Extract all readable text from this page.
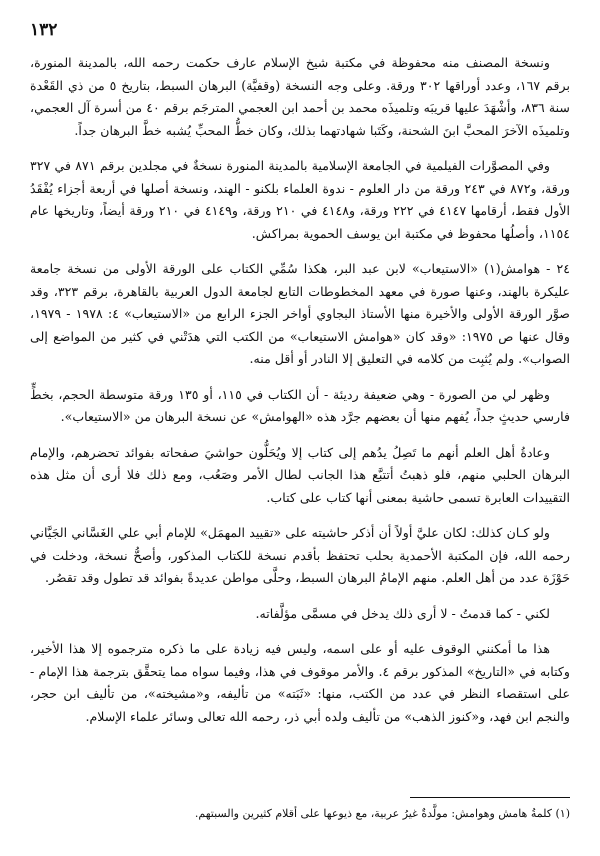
١٣٢

ونسخة المصنف منه محفوظة في مكتبة شيخ الإسلام عارف حكمت رحمه الله، بالمدينة المنورة، برقم ١٦٧، وعدد أوراقها ٣٠٢ ورقة. وعلى وجه النسخة (وقفيَّة) البرهان السبط، بتاريخ ٥ من ذي القَعْدة سنة ٨٣٦، وأشْهَدَ عليها قريبَه وتلميذَه محمد بن أحمد ابن العجمي المترجَم برقم ٤٠ من أسرة آل العجمي، وتلميذَه الآخرَ المحبَّ ابنَ الشحنة، وكَتَبا شهادتهما بذلك، وكان خطُّ المحبِّ يُشبه خطَّ البرهان جداً.

وفي المصوَّرات الفيلمية في الجامعة الإسلامية بالمدينة المنورة نسخةٌ في مجلدين برقم ٨٧١ في ٣٢٧ ورقة، و٨٧٢ في ٢٤٣ ورقة من دار العلوم - ندوة العلماء بلكنو - الهند، ونسخة أصلها في أربعة أجزاء يُفْقَدُ الأول فقط، أرقامها ٤١٤٧ في ٢٢٢ ورقة، و٤١٤٨ في ٢١٠ ورقة، و٤١٤٩ في ٢١٠ ورقة أيضاً، وتاريخها عام ١١٥٤، وأصلُها محفوظ في مكتبة ابن يوسف الحموية بمراكش.

٢٤ - هوامش(١) «الاستيعاب» لابن عبد البر، هكذا سُمِّي الكتاب على الورقة الأولى من نسخة جامعة عليكرة بالهند، وعنها صورة في معهد المخطوطات التابع لجامعة الدول العربية بالقاهرة، برقم ٣٢٣، وقد صوَّر الورقة الأولى والأخيرة منها الأستاذ البجاوي أواخر الجزء الرابع من «الاستيعاب» ٤: ١٩٧٨ - ١٩٧٩، وقال عنها ص ١٩٧٥: «وقد كان «هوامش الاستيعاب» من الكتب التي هدَتْني في كثير من المواضع إلى الصواب». ولم يُثبِت من كلامه في التعليق إلا النادر أو أقل منه.

وظهر لي من الصورة - وهي ضعيفة رديئة - أن الكتاب في ١١٥، أو ١٣٥ ورقة متوسطة الحجم، بخطٍّ فارسي حديثٍ جداً، يُفهم منها أن بعضهم جرَّد هذه «الهوامش» عن نسخة البرهان من «الاستيعاب».

وعادةُ أهل العلم أنهم ما تَصِلُ يدُهم إلى كتاب إلا ويُحَلُّون حواشيَ صفحاته بفوائد تحضرهم، والإمام البرهان الحلبي منهم، فلو ذهبتُ أتتبَّع هذا الجانب لطال الأمر وصَعُب، ومع ذلك فلا أرى أن مثل هذه التقييدات العابرة تسمى حاشية بمعنى أنها كتاب على كتاب.

ولو كـان كذلك: لكان عليَّ أولاً أن أذكر حاشيته على «تقييد المهمَل» للإمام أبي علي الغَسَّاني الجَيَّاني رحمه الله، فإن المكتبة الأحمدية بحلب تحتفظ بأقدم نسخة للكتاب المذكور، وأصحُّ نسخة، ودخلت في حَوْزَة عدد من أهل العلم. منهم الإمامُ البرهان السبط، وحلَّى مواطن عديدةً بفوائد قد تطول وقد تقصُر.

لكني - كما قدمتُ - لا أرى ذلك يدخل في مسمَّى مؤلَّفاته.

هذا ما أمكنني الوقوف عليه أو على اسمه، وليس فيه زيادة على ما ذكره مترجموه إلا هذا الأخير، وكتابه في «التاريخ» المذكور برقم ٤. والأمر موقوف في هذا، وفيما سواه مما يتحقَّق بترجمة هذا الإمام - على استقصاء النظر في عدد من الكتب، منها: «ثَبَته» من تأليفه، و«مشيخته»، من تأليف ابن حجر، والنجم ابن فهد، و«كنوز الذهب» من تأليف ولده أبي ذر، رحمه الله تعالى وسائر علماء الإسلام.

(١) كلمةُ هامش وهوامش: مولَّدةٌ غيرُ عربية، مع ذيوعها على أقلام كثيرين والسبتهم.
